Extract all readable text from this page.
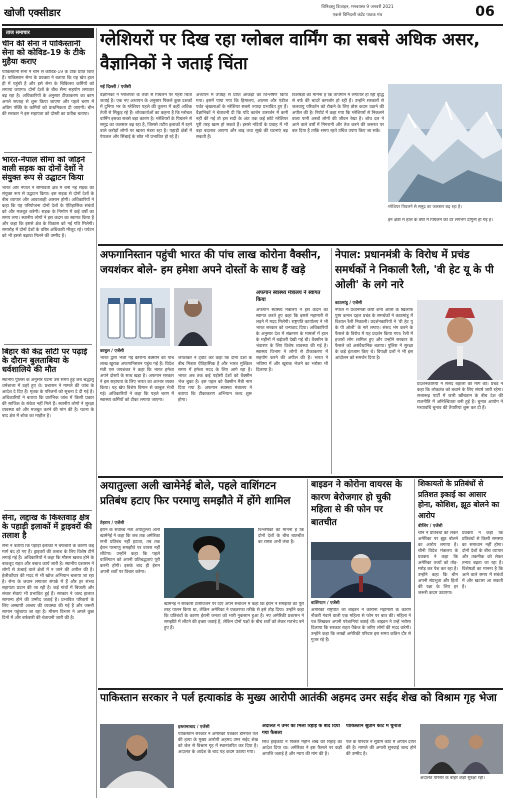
खोजी एक्सीडार
विनिदस्तु डिजाइन, मनवयस्त 9 जनवरी 2021
एकसे विनिदत्ती कंटेंट पाठक मंच	06
ताज समाचार
चीन की सेना ने पाकिस्तानी सेना को कोविड-19 के टीके मुहैया कराए
पाकिस्तानी सेना ने चीन से कोविड-19 के टीके प्राप्त किए हैं। पाकिस्तान सेना के प्रवक्ता ने बताया कि यह खेप हाल ही में पहुंची है और इसे सेना के चिकित्सा कर्मियों को लगाया जाएगा। दोनों देशों के बीच सैन्य सहयोग लगातार बढ़ रहा है। अधिकारियों के अनुसार टीकाकरण का काम अगले सप्ताह से शुरू किया जाएगा और पहले चरण में अग्रिम पंक्ति के कर्मियों को प्राथमिकता दी जाएगी। चीन की सरकार ने इस सहायता को दोस्ती का प्रतीक बताया।
भारत-नेपाल सीमा को जोड़ने वाली सड़क का दोनों देशों ने संयुक्त रूप से उद्घाटन किया
भारत और नेपाल ने सीमावर्ती क्षेत्र में बनी नई सड़क का संयुक्त रूप से उद्घाटन किया। इस सड़क से दोनों देशों के बीच व्यापार और आवाजाही आसान होगी। अधिकारियों ने कहा कि यह परियोजना दोनों देशों के ऐतिहासिक संबंधों को और मजबूत करेगी। सड़क के निर्माण में कई वर्षों का समय लगा। स्थानीय लोगों ने इस कदम का स्वागत किया है और कहा कि इससे क्षेत्र के विकास को नई गति मिलेगी। समारोह में दोनों देशों के वरिष्ठ अधिकारी मौजूद रहे। पर्यटन को भी इससे बढ़ावा मिलने की उम्मीद है।
बिहार की केंद्र सोटी पर पढ़ाई के दौरान बुलताबिया के धर्वशालिये की मौत
स्थानीय पुलिस के अनुसार घटना उस समय हुई जब श्रद्धालु धर्मशाला में ठहरे हुए थे। प्रशासन ने मामले की जांच के आदेश दे दिए हैं। मृतक के परिजनों को सूचना दे दी गई है। अधिकारियों ने बताया कि प्रारंभिक जांच में किसी प्रकार की साजिश के संकेत नहीं मिले हैं। स्थानीय लोगों ने सुरक्षा व्यवस्था को और मजबूत करने की मांग की है। घटना के बाद क्षेत्र में शोक का माहौल है।
सेना, लद्दाख के किश्तवाड़ क्षेत्र के पहाड़ी इलाकों में ड्राइवरों की तलाश है
सेना ने बताया कि पहाड़ी इलाकों में बर्फबारी के कारण कई मार्ग बंद हो गए हैं। ड्राइवरों की तलाश के लिए विशेष टीमें लगाई गई हैं। अधिकारियों ने कहा कि मौसम खराब होने के बावजूद राहत और बचाव कार्य जारी है। स्थानीय प्रशासन ने लोगों से ऊंचाई वाले क्षेत्रों में न जाने की अपील की है। हेलीकॉप्टर की मदद से भी खोज अभियान चलाया जा रहा है। सेना के जवान लगातार संपर्क में हैं और हर संभव सहायता प्रदान की जा रही है। कई गांवों में बिजली और संचार सेवाएं भी प्रभावित हुई हैं। सरकार ने जल्द हालात सामान्य होने की उम्मीद जताई है। प्रभावित परिवारों के लिए अस्थायी आश्रय की व्यवस्था की गई है और जरूरी सामान पहुंचाया जा रहा है। मौसम विभाग ने अगले कुछ दिनों में और बर्फबारी की चेतावनी जारी की है।
ग्लेशियरों पर दिख रहा ग्लोबल वार्मिंग का सबसे अधिक असर, वैज्ञानिकों ने जताई चिंता
नई दिल्ली / एजेंसी
वैज्ञानिकों ने ग्लेशियरों के तेजी से पिघलने पर गहरी चिंता जताई है। एक नए अध्ययन के अनुसार पिछले कुछ दशकों में दुनिया भर के ग्लेशियर पहले की तुलना में कहीं अधिक तेजी से सिकुड़ रहे हैं। शोधकर्ताओं का कहना है कि ग्लोबल वार्मिंग इसका सबसे बड़ा कारण है। ग्लेशियरों के पिघलने से समुद्र का जलस्तर बढ़ रहा है, जिससे तटीय इलाकों में रहने वाले करोड़ों लोगों पर खतरा मंडरा रहा है। पहाड़ी क्षेत्रों में पेयजल और सिंचाई के स्रोत भी प्रभावित हो रहे हैं।
अध्ययन में उपग्रह से प्राप्त आंकड़ों का विश्लेषण किया गया। इसमें पाया गया कि हिमालय, आल्प्स और एंडीज पर्वत श्रृंखलाओं के ग्लेशियर सबसे ज्यादा प्रभावित हुए हैं। वैज्ञानिकों ने चेतावनी दी कि यदि कार्बन उत्सर्जन में कमी नहीं की गई तो इस सदी के अंत तक कई छोटे ग्लेशियर पूरी तरह खत्म हो सकते हैं। इससे नदियों के प्रवाह में भी बड़ा बदलाव आएगा और बाढ़ तथा सूखे की घटनाएं बढ़ सकती हैं।
विशेषज्ञों का मानना है कि तापमान में लगातार हो रही वृद्धि से बर्फ की चादरें कमजोर हो रही हैं। उन्होंने सरकारों से जलवायु परिवर्तन को रोकने के लिए ठोस कदम उठाने की अपील की है। रिपोर्ट में कहा गया कि ग्लेशियरों से निकलने वाला पानी अरबों लोगों की जीवन रेखा है। शोध दल ने आने वाले वर्षों में निगरानी और तेज करने की जरूरत पर बल दिया है ताकि समय रहते उचित उपाय किए जा सकें।
ग्लेशियर पिघलने से समुद्र का जलस्तर बढ़ रहा है।
इन क्षेत्रों में हाल के वर्षों में पिघलने की दर लगभग दोगुनी हो गई है।
अफगानिस्तान पहुंची भारत की पांच लाख कोरोना वैक्सीन, जयशंकर बोले- हम हमेशा अपने दोस्तों के साथ हैं खड़े
काबुल / एजेंसी
भारत द्वारा भेजी गई कोरोना वैक्सीन की पांच लाख खुराक अफगानिस्तान पहुंच गई है। विदेश मंत्री एस जयशंकर ने कहा कि भारत हमेशा अपने दोस्तों के साथ खड़ा है। अफगान सरकार ने इस सहायता के लिए भारत का आभार व्यक्त किया। यह खेप विशेष विमान से काबुल भेजी गई। अधिकारियों ने कहा कि पहले चरण में स्वास्थ्य कर्मियों को टीका लगाया जाएगा।
जयशंकर ने ट्वीट कर कहा कि दोनों देशों के बीच मित्रता ऐतिहासिक है और भारत मुश्किल समय में हमेशा मदद के लिए आगे रहा है। भारत अब तक कई पड़ोसी देशों को वैक्सीन भेज चुका है। इस पहल को वैक्सीन मैत्री नाम दिया गया है। अफगान स्वास्थ्य मंत्रालय ने बताया कि टीकाकरण अभियान जल्द शुरू होगा।
अफगान स्वास्थ्य मंत्रालय ने स्वागत किया
अफगान स्वास्थ्य मंत्रालय ने इस कदम का स्वागत करते हुए कहा कि इससे महामारी से लड़ने में मदद मिलेगी। राष्ट्रपति कार्यालय ने भी भारत सरकार को धन्यवाद दिया। अधिकारियों के अनुसार देश में संक्रमण के मामलों में हाल के महीनों में बढ़ोतरी देखी गई थी। वैक्सीन के भंडारण के लिए विशेष व्यवस्था की गई है। स्वास्थ्य विभाग ने लोगों से टीकाकरण में सहयोग करने की अपील की है। भारत ने भविष्य में और खुराक भेजने का भरोसा भी दिलाया है।
नेपाल: प्रधानमंत्री के विरोध में प्रचंड समर्थकों ने निकाली रैली, 'वी हेट यू के पी ओली' के लगे नारे
काठमांडू / एजेंसी
नेपाल में प्रधानमंत्री केपी शर्मा ओली के खिलाफ पुष्प कमल दहल प्रचंड के समर्थकों ने काठमांडू में विशाल रैली निकाली। प्रदर्शनकारियों ने 'वी हेट यू के पी ओली' के नारे लगाए। संसद भंग करने के फैसले के विरोध में यह प्रदर्शन किया गया। रैली में हजारों लोग शामिल हुए और उन्होंने सरकार के फैसले को असंवैधानिक बताया। पुलिस ने सुरक्षा के कड़े इंतजाम किए थे। विपक्षी दलों ने भी इस आंदोलन को समर्थन दिया है।
प्रदर्शनकारियों ने संसद बहाली की मांग की। प्रचंड ने कहा कि लोकतंत्र को बचाने के लिए संघर्ष जारी रहेगा। सत्तारूढ़ पार्टी में जारी खींचतान के बीच देश की राजनीति में अनिश्चितता बनी हुई है। चुनाव आयोग ने मध्यावधि चुनाव की तैयारियां शुरू कर दी हैं।
अयातुल्ला अली खामेनेई बोले, पहले वाशिंगटन प्रतिबंध हटाए फिर परमाणु समझौते में होंगे शामिल
तेहरान / एजेंसी
ईरान के सर्वोच्च नेता अयातुल्ला अली खामेनेई ने कहा कि जब तक अमेरिका सभी प्रतिबंध नहीं हटाता, तब तक ईरान परमाणु समझौते पर वापस नहीं लौटेगा। उन्होंने कहा कि पहले वाशिंगटन को अपनी प्रतिबद्धताएं पूरी करनी होंगी। इसके बाद ही ईरान अपनी शर्तों पर विचार करेगा।
खामेनेई ने सरकारी टेलीविजन पर दिए अपने संबोधन में कहा कि ईरान ने समझौते का पूरी तरह पालन किया था, लेकिन अमेरिका ने एकतरफा तरीके से इसे तोड़ दिया। उन्होंने कहा कि प्रतिबंधों के कारण ईरानी जनता को भारी नुकसान हुआ है। नए अमेरिकी प्रशासन ने समझौते में लौटने की इच्छा जताई है, लेकिन दोनों पक्षों के बीच शर्तों को लेकर मतभेद बने हुए हैं।
विश्लेषकों का मानना है कि दोनों देशों के बीच बातचीत का रास्ता अभी लंबा है।
बाइडन ने कोरोना वायरस के कारण बेरोजगार हो चुकी महिला से की फोन पर बातचीत
वाशिंगटन / एजेंसी
अमेरिकी राष्ट्रपति जो बाइडन ने कोरोना महामारी के कारण नौकरी गंवाने वाली एक महिला से फोन पर बात की। महिला ने पत्र लिखकर अपनी परेशानियां बताई थीं। बाइडन ने उन्हें भरोसा दिलाया कि सरकार राहत पैकेज के जरिए लोगों की मदद करेगी। उन्होंने कहा कि लाखों अमेरिकी परिवार इस समय कठिन दौर से गुजर रहे हैं।
शिकायतो के प्रतिबंधों से प्रतिशत इकाई का आसार होना, कोशिश, झूठ बोलने का आरोप
बीजिंग / एजेंसी
चीन ने प्रतिबंधों को लेकर अमेरिका पर झूठ बोलने का आरोप लगाया है। चीनी विदेश मंत्रालय के प्रवक्ता ने कहा कि अमेरिका तथ्यों को तोड़-मरोड़ कर पेश कर रहा है। उन्होंने कहा कि चीन अपनी संप्रभुता और हितों की रक्षा के लिए हर जरूरी कदम उठाएगा।
प्रवक्ता ने कहा कि प्रतिबंधों से किसी समस्या का समाधान नहीं होगा। दोनों देशों के बीच व्यापार और तकनीक को लेकर तनाव बढ़ता जा रहा है। विशेषज्ञों का मानना है कि आने वाले समय में संबंधों में और खटास आ सकती है।
पाकिस्तान सरकार ने पर्ल हत्याकांड के मुख्य आरोपी आतंकी अहमद उमर सईद शेख को विश्राम गृह भेजा
इस्लामाबाद / एजेंसी
पाकिस्तान सरकार ने अमेरिकी पत्रकार डेनियल पर्ल की हत्या के मुख्य आरोपी अहमद उमर सईद शेख को जेल से विश्राम गृह में स्थानांतरित कर दिया है। अदालत के आदेश के बाद यह कदम उठाया गया।
अदालत ने उमर को मिली रिहाई के बाद दिया गया फैसला
सिंध हाईकोर्ट ने पिछले महीने शेख की रिहाई का आदेश दिया था। अमेरिका ने इस फैसले पर कड़ी आपत्ति जताई है और न्याय की मांग की है।
पाकिस्तान सुप्रीम कोर्ट में चुनौती
पर्ल के परिवार ने सुप्रीम कोर्ट में अपील दायर की है। मामले की अगली सुनवाई जल्द होने की उम्मीद है।
अदालत परिसर के बाहर कड़ी सुरक्षा रही।
